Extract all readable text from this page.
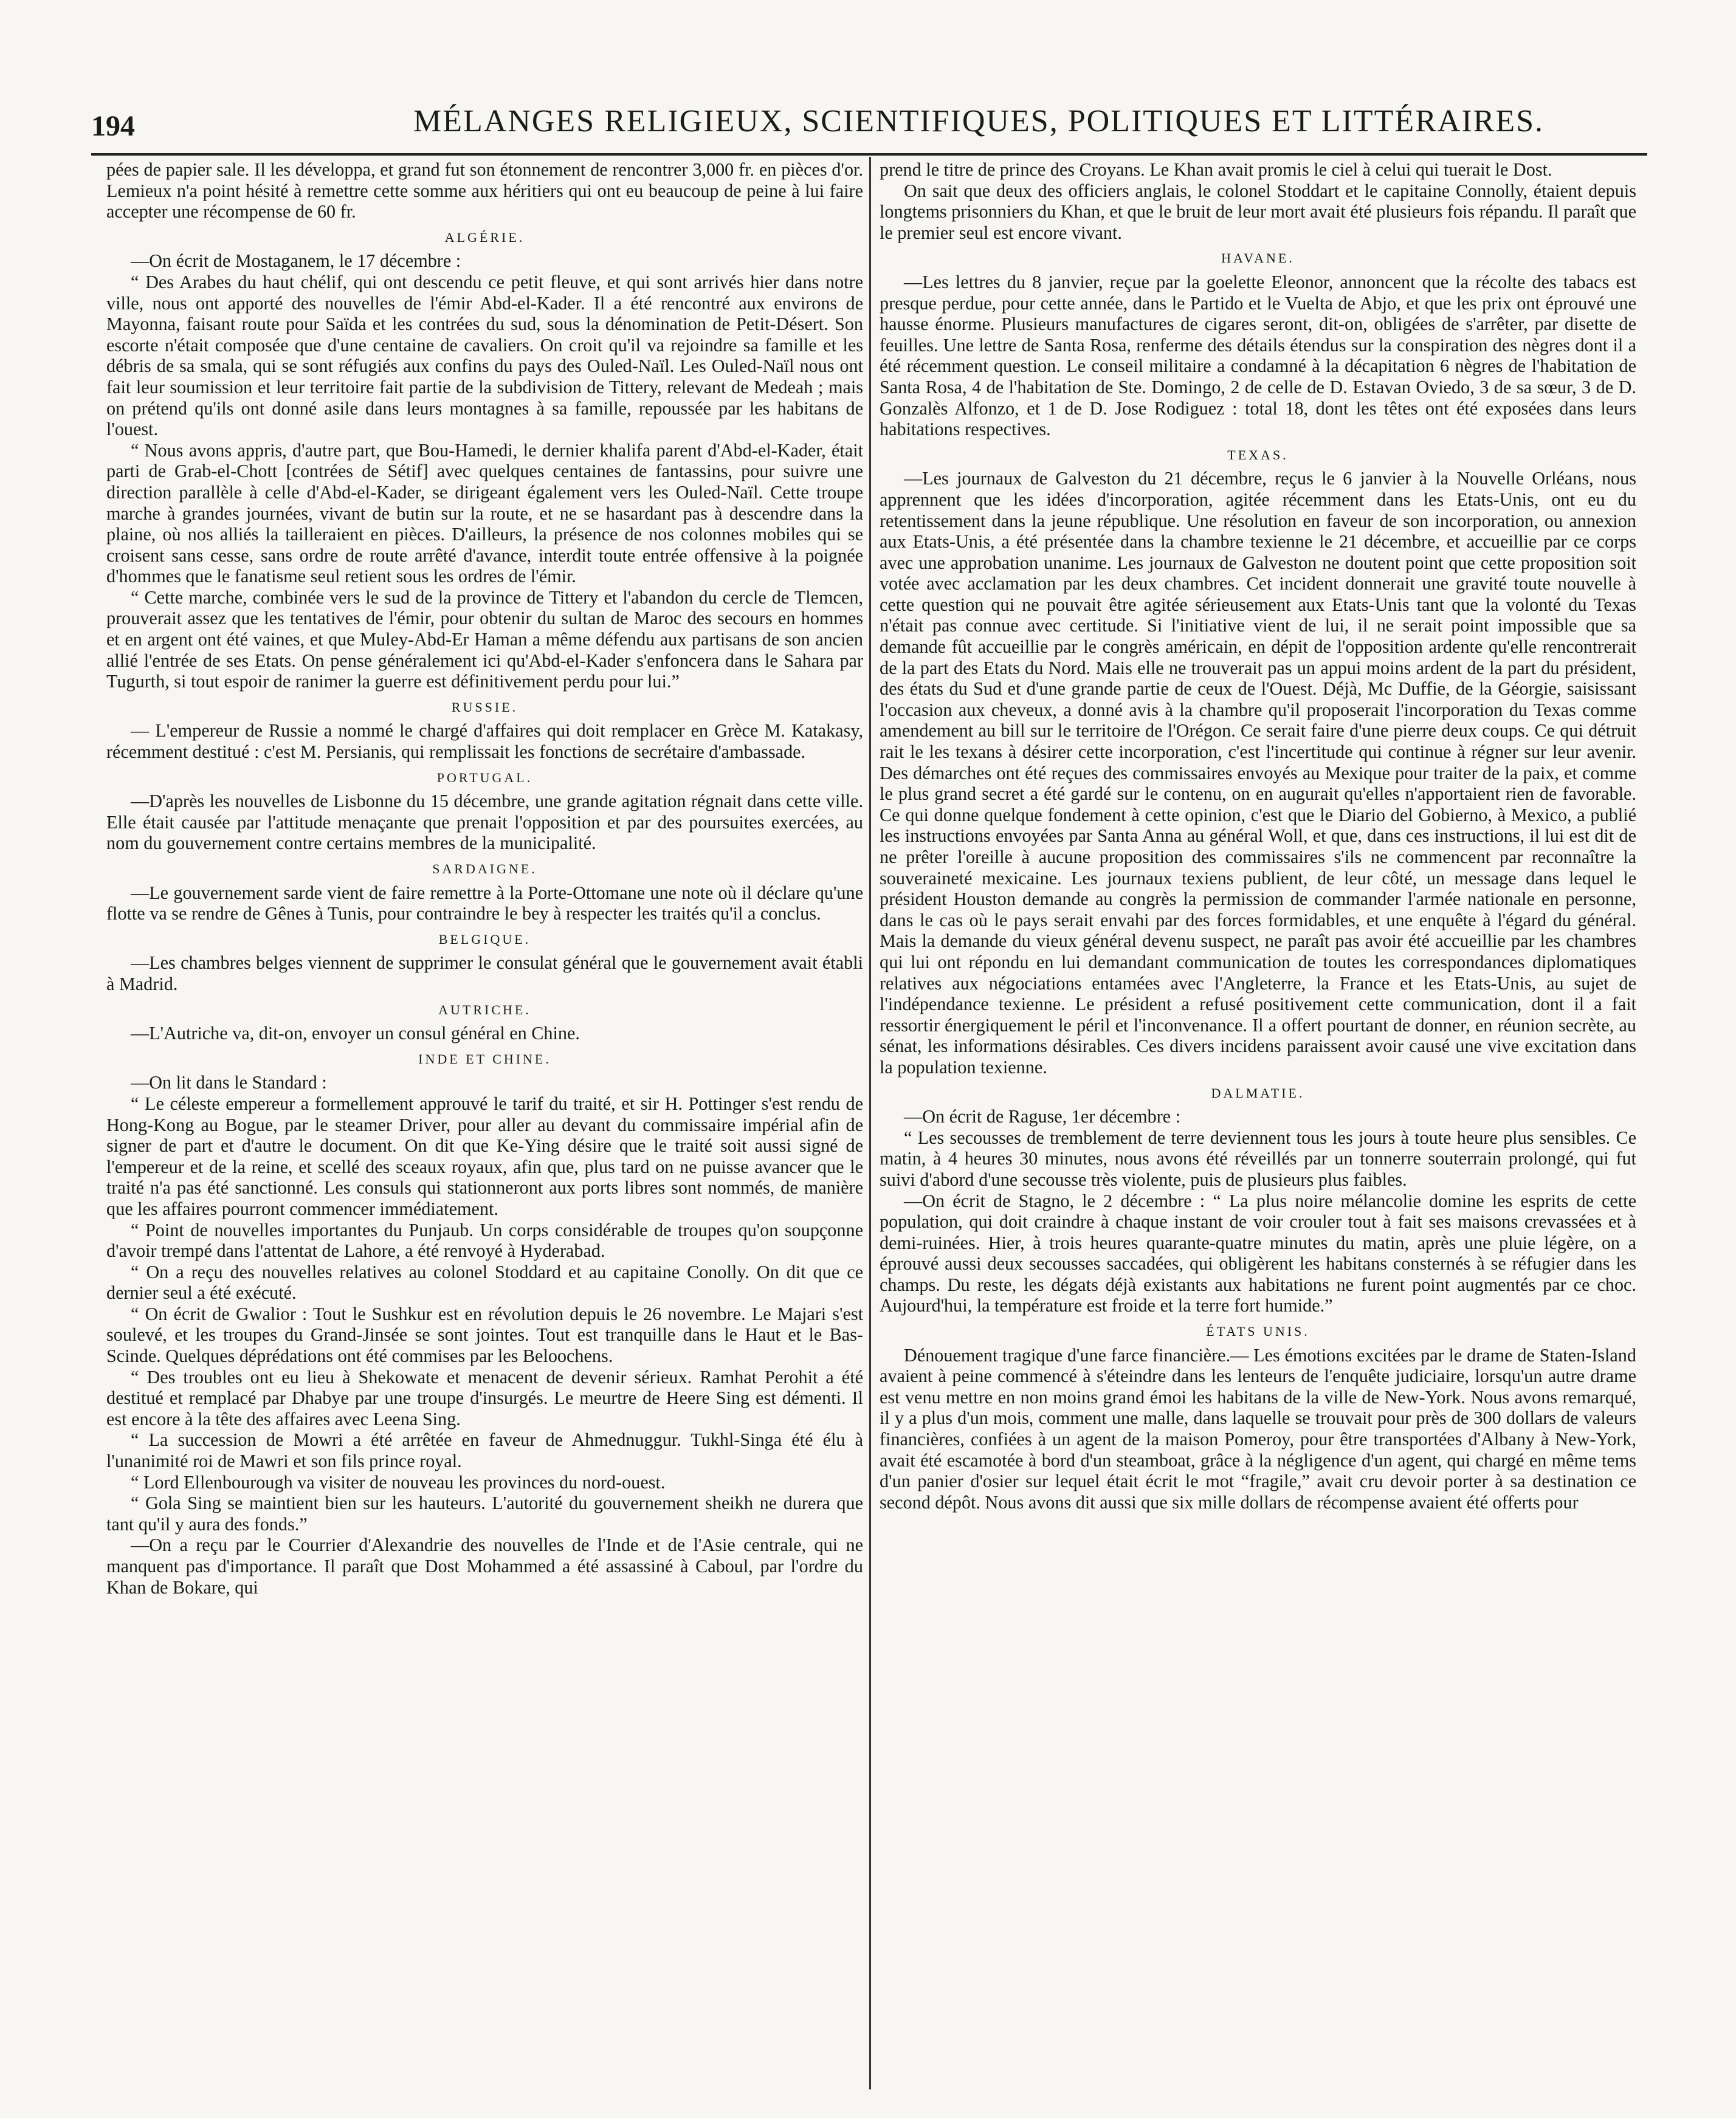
194	MÉLANGES RELIGIEUX, SCIENTIFIQUES, POLITIQUES ET LITTÉRAIRES.

pées de papier sale. Il les développa, et grand fut son étonnement de rencontrer 3,000 fr. en pièces d'or. Lemieux n'a point hésité à remettre cette somme aux héritiers qui ont eu beaucoup de peine à lui faire accepter une récompense de 60 fr.

ALGÉRIE.

—On écrit de Mostaganem, le 17 décembre :

“ Des Arabes du haut chélif, qui ont descendu ce petit fleuve, et qui sont arrivés hier dans notre ville, nous ont apporté des nouvelles de l'émir Abd-el-Kader. Il a été rencontré aux environs de Mayonna, faisant route pour Saïda et les contrées du sud, sous la dénomination de Petit-Désert. Son escorte n'était composée que d'une centaine de cavaliers. On croit qu'il va rejoindre sa famille et les débris de sa smala, qui se sont réfugiés aux confins du pays des Ouled-Naïl. Les Ouled-Naïl nous ont fait leur soumission et leur territoire fait partie de la subdivision de Tittery, relevant de Medeah ; mais on prétend qu'ils ont donné asile dans leurs montagnes à sa famille, repoussée par les habitans de l'ouest.

“ Nous avons appris, d'autre part, que Bou-Hamedi, le dernier khalifa parent d'Abd-el-Kader, était parti de Grab-el-Chott [contrées de Sétif] avec quelques centaines de fantassins, pour suivre une direction parallèle à celle d'Abd-el-Kader, se dirigeant également vers les Ouled-Naïl. Cette troupe marche à grandes journées, vivant de butin sur la route, et ne se hasardant pas à descendre dans la plaine, où nos alliés la tailleraient en pièces. D'ailleurs, la présence de nos colonnes mobiles qui se croisent sans cesse, sans ordre de route arrêté d'avance, interdit toute entrée offensive à la poignée d'hommes que le fanatisme seul retient sous les ordres de l'émir.

“ Cette marche, combinée vers le sud de la province de Tittery et l'abandon du cercle de Tlemcen, prouverait assez que les tentatives de l'émir, pour obtenir du sultan de Maroc des secours en hommes et en argent ont été vaines, et que Muley-Abd-Er Haman a même défendu aux partisans de son ancien allié l'entrée de ses Etats. On pense généralement ici qu'Abd-el-Kader s'enfoncera dans le Sahara par Tugurth, si tout espoir de ranimer la guerre est définitivement perdu pour lui.”

RUSSIE.

— L'empereur de Russie a nommé le chargé d'affaires qui doit remplacer en Grèce M. Katakasy, récemment destitué : c'est M. Persianis, qui remplissait les fonctions de secrétaire d'ambassade.

PORTUGAL.

—D'après les nouvelles de Lisbonne du 15 décembre, une grande agitation régnait dans cette ville. Elle était causée par l'attitude menaçante que prenait l'opposition et par des poursuites exercées, au nom du gouvernement contre certains membres de la municipalité.

SARDAIGNE.

—Le gouvernement sarde vient de faire remettre à la Porte-Ottomane une note où il déclare qu'une flotte va se rendre de Gênes à Tunis, pour contraindre le bey à respecter les traités qu'il a conclus.

BELGIQUE.

—Les chambres belges viennent de supprimer le consulat général que le gouvernement avait établi à Madrid.

AUTRICHE.

—L'Autriche va, dit-on, envoyer un consul général en Chine.

INDE ET CHINE.

—On lit dans le Standard :

“ Le céleste empereur a formellement approuvé le tarif du traité, et sir H. Pottinger s'est rendu de Hong-Kong au Bogue, par le steamer Driver, pour aller au devant du commissaire impérial afin de signer de part et d'autre le document. On dit que Ke-Ying désire que le traité soit aussi signé de l'empereur et de la reine, et scellé des sceaux royaux, afin que, plus tard on ne puisse avancer que le traité n'a pas été sanctionné. Les consuls qui stationneront aux ports libres sont nommés, de manière que les affaires pourront commencer immédiatement.

“ Point de nouvelles importantes du Punjaub. Un corps considérable de troupes qu'on soupçonne d'avoir trempé dans l'attentat de Lahore, a été renvoyé à Hyderabad.

“ On a reçu des nouvelles relatives au colonel Stoddard et au capitaine Conolly. On dit que ce dernier seul a été exécuté.

“ On écrit de Gwalior : Tout le Sushkur est en révolution depuis le 26 novembre. Le Majari s'est soulevé, et les troupes du Grand-Jinsée se sont jointes. Tout est tranquille dans le Haut et le Bas-Scinde. Quelques déprédations ont été commises par les Beloochens.

“ Des troubles ont eu lieu à Shekowate et menacent de devenir sérieux. Ramhat Perohit a été destitué et remplacé par Dhabye par une troupe d'insurgés. Le meurtre de Heere Sing est démenti. Il est encore à la tête des affaires avec Leena Sing.

“ La succession de Mowri a été arrêtée en faveur de Ahmednuggur. Tukhl-Singa été élu à l'unanimité roi de Mawri et son fils prince royal.

“ Lord Ellenbourough va visiter de nouveau les provinces du nord-ouest.

“ Gola Sing se maintient bien sur les hauteurs. L'autorité du gouvernement sheikh ne durera que tant qu'il y aura des fonds.”

—On a reçu par le Courrier d'Alexandrie des nouvelles de l'Inde et de l'Asie centrale, qui ne manquent pas d'importance. Il paraît que Dost Mohammed a été assassiné à Caboul, par l'ordre du Khan de Bokare, qui

prend le titre de prince des Croyans. Le Khan avait promis le ciel à celui qui tuerait le Dost.

On sait que deux des officiers anglais, le colonel Stoddart et le capitaine Connolly, étaient depuis longtems prisonniers du Khan, et que le bruit de leur mort avait été plusieurs fois répandu. Il paraît que le premier seul est encore vivant.

HAVANE.

—Les lettres du 8 janvier, reçue par la goelette Eleonor, annoncent que la récolte des tabacs est presque perdue, pour cette année, dans le Partido et le Vuelta de Abjo, et que les prix ont éprouvé une hausse énorme. Plusieurs manufactures de cigares seront, dit-on, obligées de s'arrêter, par disette de feuilles. Une lettre de Santa Rosa, renferme des détails étendus sur la conspiration des nègres dont il a été récemment question. Le conseil militaire a condamné à la décapitation 6 nègres de l'habitation de Santa Rosa, 4 de l'habitation de Ste. Domingo, 2 de celle de D. Estavan Oviedo, 3 de sa sœur, 3 de D. Gonzalès Alfonzo, et 1 de D. Jose Rodiguez : total 18, dont les têtes ont été exposées dans leurs habitations respectives.

TEXAS.

—Les journaux de Galveston du 21 décembre, reçus le 6 janvier à la Nouvelle Orléans, nous apprennent que les idées d'incorporation, agitée récemment dans les Etats-Unis, ont eu du retentissement dans la jeune république. Une résolution en faveur de son incorporation, ou annexion aux Etats-Unis, a été présentée dans la chambre texienne le 21 décembre, et accueillie par ce corps avec une approbation unanime. Les journaux de Galveston ne doutent point que cette proposition soit votée avec acclamation par les deux chambres. Cet incident donnerait une gravité toute nouvelle à cette question qui ne pouvait être agitée sérieusement aux Etats-Unis tant que la volonté du Texas n'était pas connue avec certitude. Si l'initiative vient de lui, il ne serait point impossible que sa demande fût accueillie par le congrès américain, en dépit de l'opposition ardente qu'elle rencontrerait de la part des Etats du Nord. Mais elle ne trouverait pas un appui moins ardent de la part du président, des états du Sud et d'une grande partie de ceux de l'Ouest. Déjà, Mc Duffie, de la Géorgie, saisissant l'occasion aux cheveux, a donné avis à la chambre qu'il proposerait l'incorporation du Texas comme amendement au bill sur le territoire de l'Orégon. Ce serait faire d'une pierre deux coups. Ce qui détruit rait le les texans à désirer cette incorporation, c'est l'incertitude qui continue à régner sur leur avenir. Des démarches ont été reçues des commissaires envoyés au Mexique pour traiter de la paix, et comme le plus grand secret a été gardé sur le contenu, on en augurait qu'elles n'apportaient rien de favorable. Ce qui donne quelque fondement à cette opinion, c'est que le Diario del Gobierno, à Mexico, a publié les instructions envoyées par Santa Anna au général Woll, et que, dans ces instructions, il lui est dit de ne prêter l'oreille à aucune proposition des commissaires s'ils ne commencent par reconnaître la souveraineté mexicaine. Les journaux texiens publient, de leur côté, un message dans lequel le président Houston demande au congrès la permission de commander l'armée nationale en personne, dans le cas où le pays serait envahi par des forces formidables, et une enquête à l'égard du général. Mais la demande du vieux général devenu suspect, ne paraît pas avoir été accueillie par les chambres qui lui ont répondu en lui demandant communication de toutes les correspondances diplomatiques relatives aux négociations entamées avec l'Angleterre, la France et les Etats-Unis, au sujet de l'indépendance texienne. Le président a refusé positivement cette communication, dont il a fait ressortir énergiquement le péril et l'inconvenance. Il a offert pourtant de donner, en réunion secrète, au sénat, les informations désirables. Ces divers incidens paraissent avoir causé une vive excitation dans la population texienne.

DALMATIE.

—On écrit de Raguse, 1er décembre :

“ Les secousses de tremblement de terre deviennent tous les jours à toute heure plus sensibles. Ce matin, à 4 heures 30 minutes, nous avons été réveillés par un tonnerre souterrain prolongé, qui fut suivi d'abord d'une secousse très violente, puis de plusieurs plus faibles.

—On écrit de Stagno, le 2 décembre : “ La plus noire mélancolie domine les esprits de cette population, qui doit craindre à chaque instant de voir crouler tout à fait ses maisons crevassées et à demi-ruinées. Hier, à trois heures quarante-quatre minutes du matin, après une pluie légère, on a éprouvé aussi deux secousses saccadées, qui obligèrent les habitans consternés à se réfugier dans les champs. Du reste, les dégats déjà existants aux habitations ne furent point augmentés par ce choc. Aujourd'hui, la température est froide et la terre fort humide.”

ÉTATS UNIS.

Dénouement tragique d'une farce financière.— Les émotions excitées par le drame de Staten-Island avaient à peine commencé à s'éteindre dans les lenteurs de l'enquête judiciaire, lorsqu'un autre drame est venu mettre en non moins grand émoi les habitans de la ville de New-York. Nous avons remarqué, il y a plus d'un mois, comment une malle, dans laquelle se trouvait pour près de 300 dollars de valeurs financières, confiées à un agent de la maison Pomeroy, pour être transportées d'Albany à New-York, avait été escamotée à bord d'un steamboat, grâce à la négligence d'un agent, qui chargé en même tems d'un panier d'osier sur lequel était écrit le mot “fragile,” avait cru devoir porter à sa destination ce second dépôt. Nous avons dit aussi que six mille dollars de récompense avaient été offerts pour
